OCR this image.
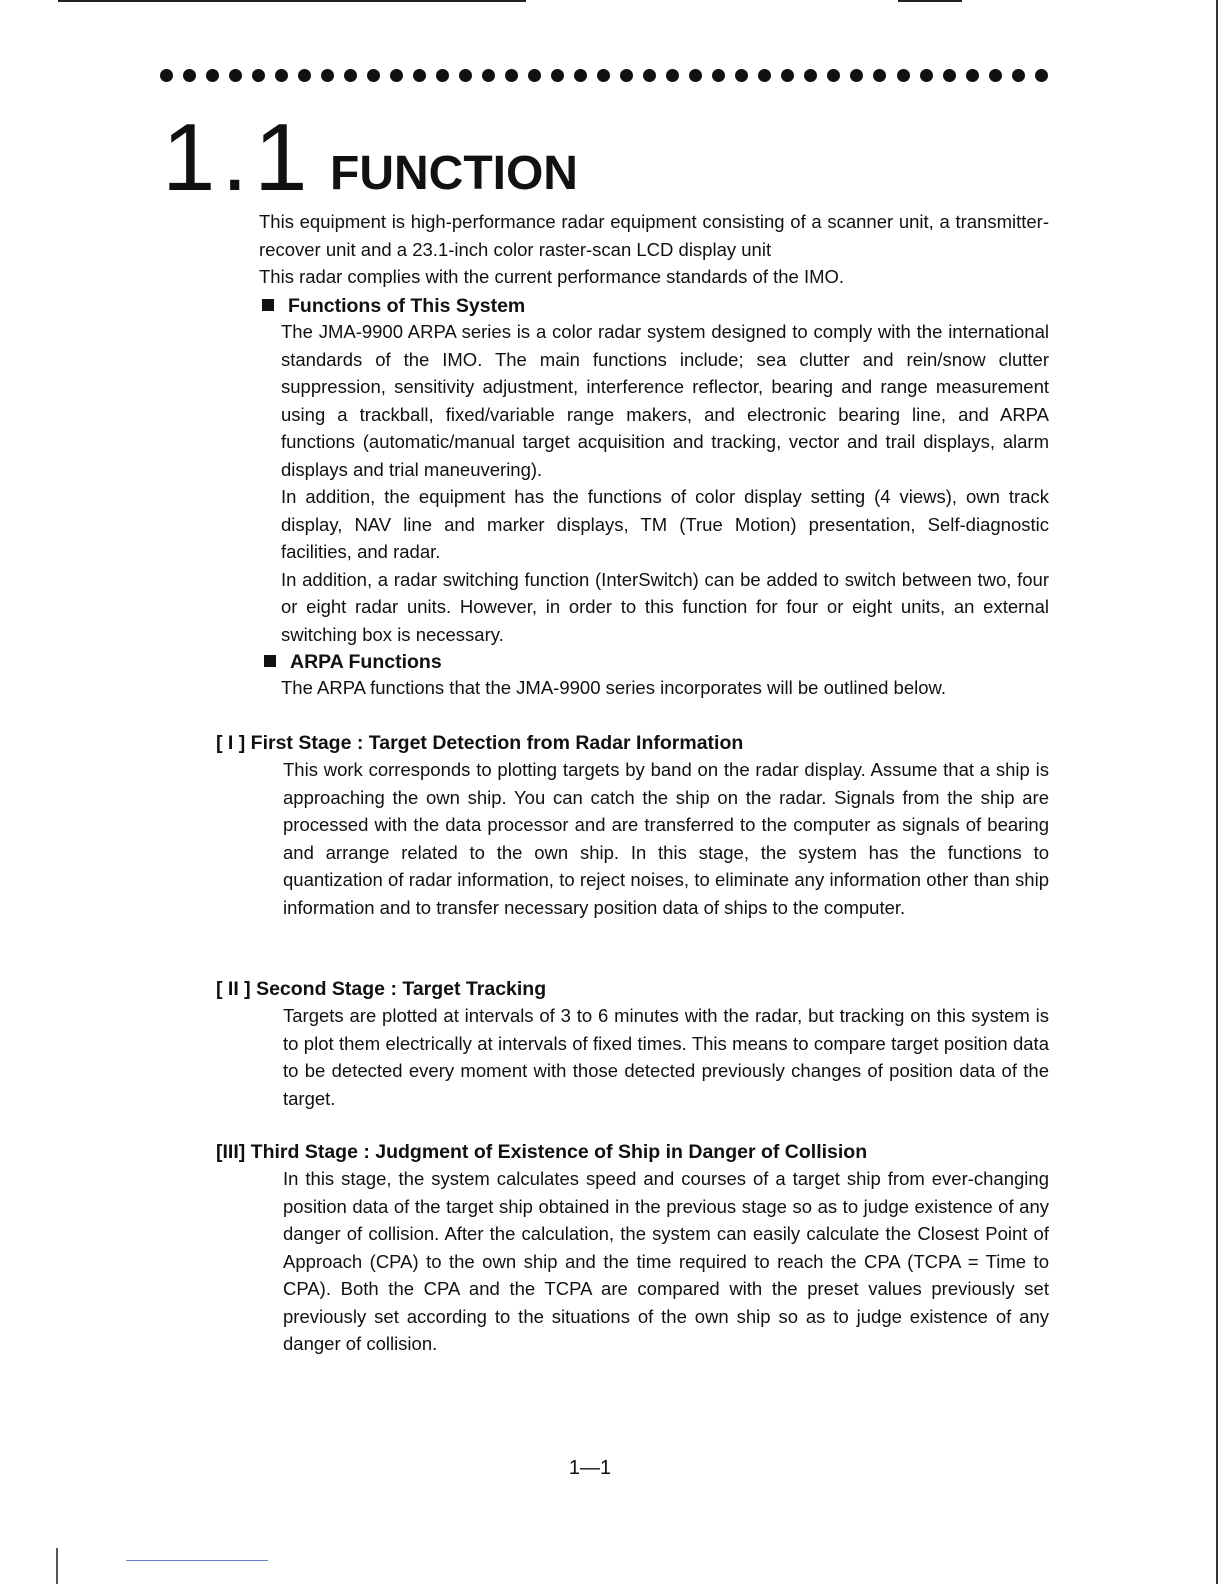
1.1 FUNCTION

This equipment is high-performance radar equipment consisting of a scanner unit, a transmitter-recover unit and a 23.1-inch color raster-scan LCD display unit

This radar complies with the current performance standards of the IMO.

Functions of This System

The JMA-9900 ARPA series is a color radar system designed to comply with the international standards of the IMO. The main functions include; sea clutter and rein/snow clutter suppression, sensitivity adjustment, interference reflector, bearing and range measurement using a trackball, fixed/variable range makers, and electronic bearing line, and ARPA functions (automatic/manual target acquisition and tracking, vector and trail displays, alarm displays and trial maneuvering).

In addition, the equipment has the functions of color display setting (4 views), own track display, NAV line and marker displays, TM (True Motion) presentation, Self-diagnostic facilities, and radar.

In addition, a radar switching function (InterSwitch) can be added to switch between two, four or eight radar units. However, in order to this function for four or eight units, an external switching box is necessary.

ARPA Functions
The ARPA functions that the JMA-9900 series incorporates will be outlined below.
[ I ] First Stage : Target Detection from Radar Information
This work corresponds to plotting targets by band on the radar display. Assume that a ship is approaching the own ship. You can catch the ship on the radar. Signals from the ship are processed with the data processor and are transferred to the computer as signals of bearing and arrange related to the own ship. In this stage, the system has the functions to quantization of radar information, to reject noises, to eliminate any information other than ship information and to transfer necessary position data of ships to the computer.
[ II ] Second Stage : Target Tracking
Targets are plotted at intervals of 3 to 6 minutes with the radar, but tracking on this system is to plot them electrically at intervals of fixed times. This means to compare target position data to be detected every moment with those detected previously changes of position data of the target.
[III] Third Stage : Judgment of Existence of Ship in Danger of Collision
In this stage, the system calculates speed and courses of a target ship from ever-changing position data of the target ship obtained in the previous stage so as to judge existence of any danger of collision. After the calculation, the system can easily calculate the Closest Point of Approach (CPA) to the own ship and the time required to reach the CPA (TCPA = Time to CPA). Both the CPA and the TCPA are compared with the preset values previously set previously set according to the situations of the own ship so as to judge existence of any danger of collision.
1—1
